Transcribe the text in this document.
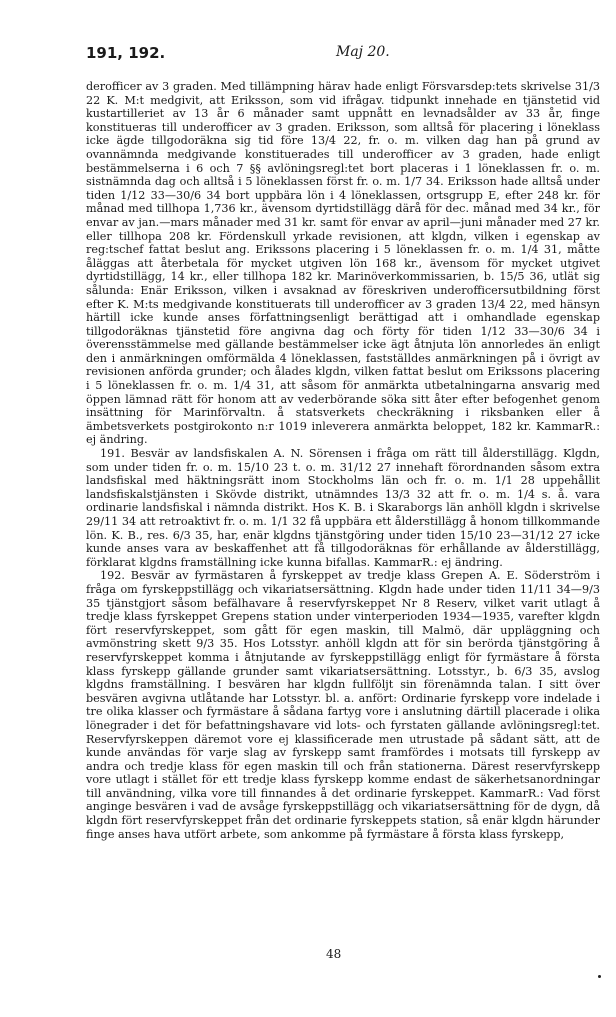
191, 192.	Maj 20.

derofficer av 3 graden. Med tillämpning härav hade enligt Försvarsdep:tets skrivelse 31/3 22 K. M:t medgivit, att Eriksson, som vid ifrågav. tidpunkt innehade en tjänstetid vid kustartilleriet av 13 år 6 månader samt uppnått en levnadsålder av 33 år, finge konstitueras till underofficer av 3 graden. Eriksson, som alltså för placering i löneklass icke ägde tillgodoräkna sig tid före 13/4 22, fr. o. m. vilken dag han på grund av ovannämnda medgivande konstituerades till underofficer av 3 graden, hade enligt bestämmelserna i 6 och 7 §§ avlöningsregl:tet bort placeras i 1 löneklassen fr. o. m. sistnämnda dag och alltså i 5 löneklassen först fr. o. m. 1/7 34. Eriksson hade alltså under tiden 1/12 33—30/6 34 bort uppbära lön i 4 löneklassen, ortsgrupp E, efter 248 kr. för månad med tillhopa 1,736 kr., ävensom dyrtidstillägg därå för dec. månad med 34 kr., för envar av jan.—mars månader med 31 kr. samt för envar av april—juni månader med 27 kr. eller tillhopa 208 kr. Fördenskull yrkade revisionen, att klgdn, vilken i egenskap av reg:tschef fattat beslut ang. Erikssons placering i 5 löneklassen fr. o. m. 1/4 31, måtte åläggas att återbetala för mycket utgiven lön 168 kr., ävensom för mycket utgivet dyrtidstillägg, 14 kr., eller tillhopa 182 kr. Marinöverkommissarien, b. 15/5 36, utlät sig sålunda: Enär Eriksson, vilken i avsaknad av föreskriven underofficersutbildning först efter K. M:ts medgivande konstituerats till underofficer av 3 graden 13/4 22, med hänsyn härtill icke kunde anses författningsenligt berättigad att i omhandlade egenskap tillgodoräknas tjänstetid före angivna dag och förty för tiden 1/12 33—30/6 34 i överensstämmelse med gällande bestämmelser icke ägt åtnjuta lön annorledes än enligt den i anmärkningen omförmälda 4 löneklassen, fastställdes anmärkningen på i övrigt av revisionen anförda grunder; och ålades klgdn, vilken fattat beslut om Erikssons placering i 5 löneklassen fr. o. m. 1/4 31, att såsom för anmärkta utbetalningarna ansvarig med öppen lämnad rätt för honom att av vederbörande söka sitt åter efter befogenhet genom insättning för Marinförvaltn. å statsverkets checkräkning i riksbanken eller å ämbetsverkets postgirokonto n:r 1019 inleverera anmärkta beloppet, 182 kr. KammarR.: ej ändring.

191. Besvär av landsfiskalen A. N. Sörensen i fråga om rätt till ålderstillägg. Klgdn, som under tiden fr. o. m. 15/10 23 t. o. m. 31/12 27 innehaft förordnanden såsom extra landsfiskal med häktningsrätt inom Stockholms län och fr. o. m. 1/1 28 uppehållit landsfiskalstjänsten i Skövde distrikt, utnämndes 13/3 32 att fr. o. m. 1/4 s. å. vara ordinarie landsfiskal i nämnda distrikt. Hos K. B. i Skaraborgs län anhöll klgdn i skrivelse 29/11 34 att retroaktivt fr. o. m. 1/1 32 få uppbära ett ålderstillägg å honom tillkommande lön. K. B., res. 6/3 35, har, enär klgdns tjänstgöring under tiden 15/10 23—31/12 27 icke kunde anses vara av beskaffenhet att få tillgodoräknas för erhållande av ålderstillägg, förklarat klgdns framställning icke kunna bifallas. KammarR.: ej ändring.

192. Besvär av fyrmästaren å fyrskeppet av tredje klass Grepen A. E. Söderström i fråga om fyrskeppstillägg och vikariatsersättning. Klgdn hade under tiden 11/11 34—9/3 35 tjänstgjort såsom befälhavare å reservfyrskeppet Nr 8 Reserv, vilket varit utlagt å tredje klass fyrskeppet Grepens station under vinterperioden 1934—1935, varefter klgdn fört reservfyrskeppet, som gått för egen maskin, till Malmö, där uppläggning och avmönstring skett 9/3 35. Hos Lotsstyr. anhöll klgdn att för sin berörda tjänstgöring å reservfyrskeppet komma i åtnjutande av fyrskeppstillägg enligt för fyrmästare å första klass fyrskepp gällande grunder samt vikariatsersättning. Lotsstyr., b. 6/3 35, avslog klgdns framställning. I besvären har klgdn fullföljt sin förenämnda talan. I sitt över besvären avgivna utlåtande har Lotsstyr. bl. a. anfört: Ordinarie fyrskepp vore indelade i tre olika klasser och fyrmästare å sådana fartyg vore i anslutning därtill placerade i olika lönegrader i det för befattningshavare vid lots- och fyrstaten gällande avlöningsregl:tet. Reservfyrskeppen däremot vore ej klassificerade men utrustade på sådant sätt, att de kunde användas för varje slag av fyrskepp samt framfördes i motsats till fyrskepp av andra och tredje klass för egen maskin till och från stationerna. Därest reservfyrskepp vore utlagt i stället för ett tredje klass fyrskepp komme endast de säkerhetsanordningar till användning, vilka vore till finnandes å det ordinarie fyrskeppet. KammarR.: Vad först anginge besvären i vad de avsåge fyrskeppstillägg och vikariatsersättning för de dygn, då klgdn fört reservfyrskeppet från det ordinarie fyrskeppets station, så enär klgdn härunder finge anses hava utfört arbete, som ankomme på fyrmästare å första klass fyrskepp,

48
